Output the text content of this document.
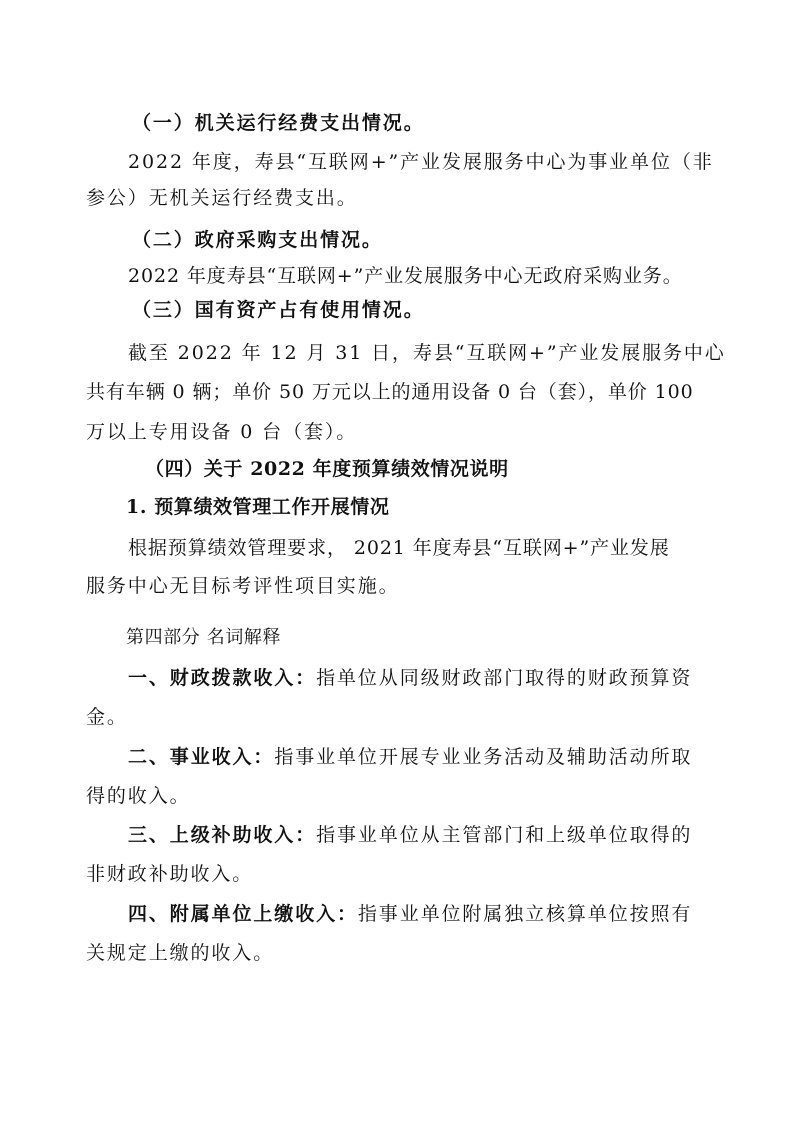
（一）机关运行经费支出情况。
2022 年度，寿县“互联网+”产业发展服务中心为事业单位（非
参公）无机关运行经费支出。
（二）政府采购支出情况。
2022 年度寿县“互联网+”产业发展服务中心无政府采购业务。
（三）国有资产占有使用情况。
截至 2022 年 12 月 31 日，寿县“互联网+”产业发展服务中心
共有车辆 0 辆；单价 50 万元以上的通用设备 0 台（套），单价 100
万以上专用设备 0 台（套）。
（四）关于 2022 年度预算绩效情况说明
1. 预算绩效管理工作开展情况
根据预算绩效管理要求， 2021 年度寿县“互联网+”产业发展
服务中心无目标考评性项目实施。
第四部分 名词解释
一、财政拨款收入：指单位从同级财政部门取得的财政预算资
金。
二、事业收入：指事业单位开展专业业务活动及辅助活动所取
得的收入。
三、上级补助收入：指事业单位从主管部门和上级单位取得的
非财政补助收入。
四、附属单位上缴收入：指事业单位附属独立核算单位按照有
关规定上缴的收入。
